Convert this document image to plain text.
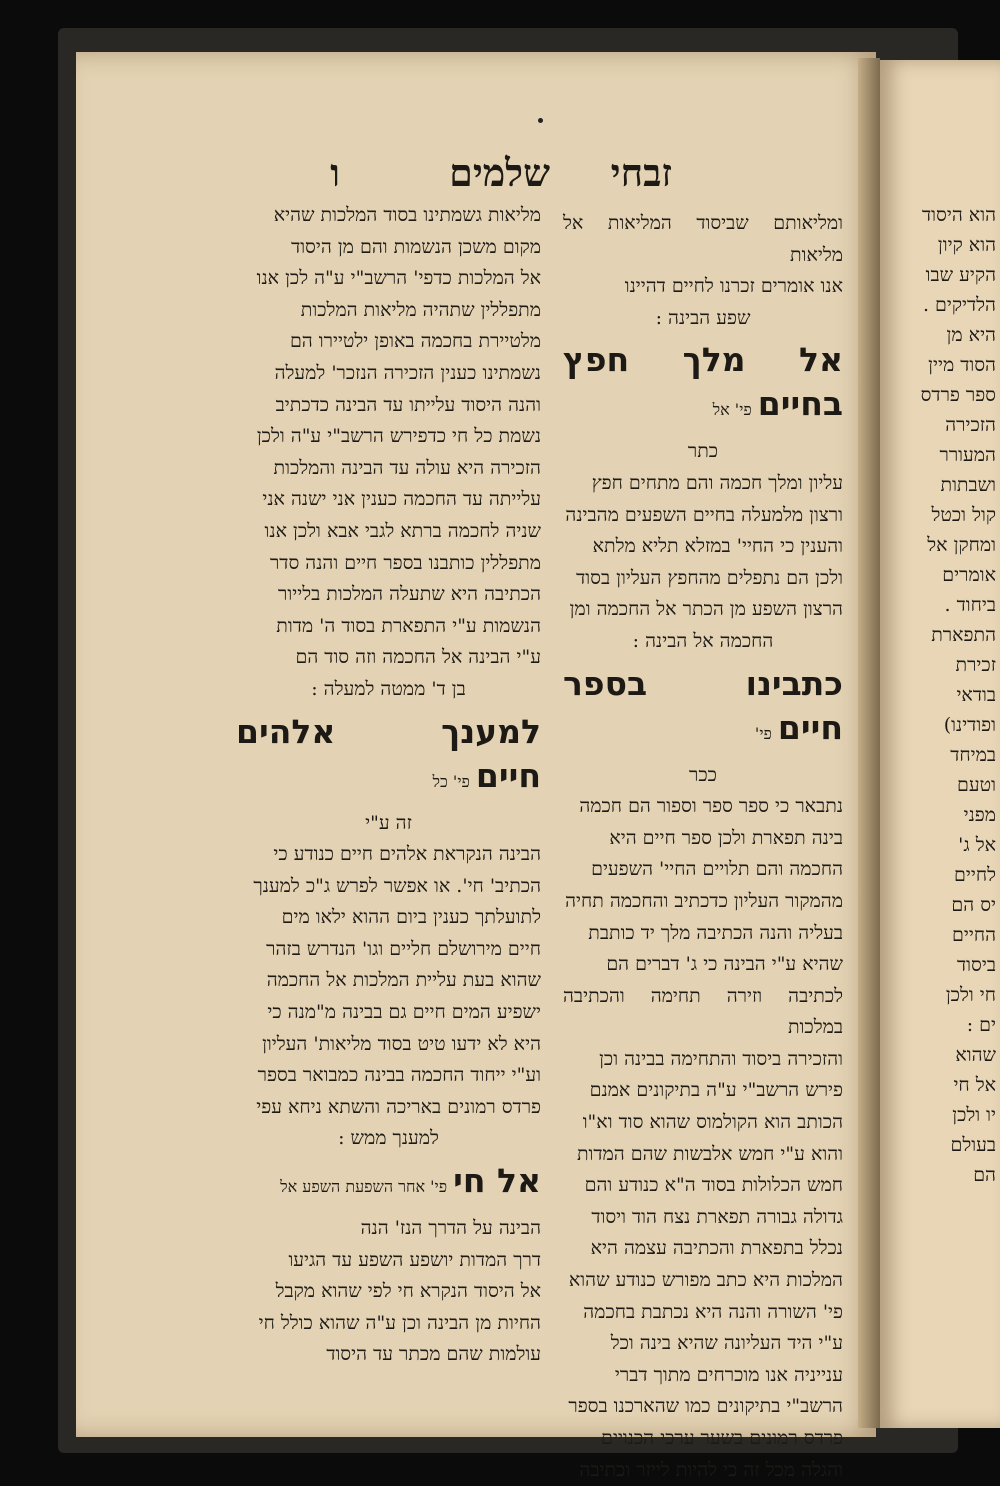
הוא היסוד

הוא קיון

הקיע שבו

הלדיקים .

היא מן

הסוד מיין

ספר פרדס

הזכירה

המעורר

ושבתות

קול וכטל

ומחקן אל

אומרים

ביחוד .

התפארת

זכירת

בודאי

ופודינו)

במיחד

וטעם

מפני

אל ג'

לחיים

יס הם

החיים

ביסוד

חי ולכן

ים :

שהוא

אל חי

יו ולכן

בעולם

הם

זבחי
שלמים
ו

ומליאותם שביסוד המליאות אל מליאות

אנו אומרים זכרנו לחיים דהיינו

שפע הבינה :

אל מלך חפץ בחייםפי' אל

כתר

עליון ומלך חכמה והם מתחים חפץ

ורצון מלמעלה בחיים השפעים מהבינה

והענין כי החיי' במזלא תליא מלתא

ולכן הם נתפלים מהחפץ העליון בסוד

הרצון השפע מן הכתר אל החכמה ומן

החכמה אל הבינה :

כתבינו בספר חייםפי'

ככר

נתבאר כי ספר ספר וספור הם חכמה

בינה תפארת ולכן ספר חיים היא

החכמה והם תלויים החיי' השפעים

מהמקור העליון כדכתיב והחכמה תחיה

בעליה והנה הכתיבה מלך יד כותבת

שהיא ע"י הבינה כי ג' דברים הם

לכתיבה וזירה תחימה והכתיבה במלכות

והזכירה ביסוד והתחימה בבינה וכן

פירש הרשב"י ע"ה בתיקונים אמנם

הכותב הוא הקולמוס שהוא סוד וא"ו

והוא ע"י חמש אלבשות שהם המדות

חמש הכלולות בסוד ה"א כנודע והם

גדולה גבורה תפארת נצח הוד ויסוד

נכלל בתפארת והכתיבה עצמה היא

המלכות היא כתב מפורש כנודע שהוא

פי' השורה והנה היא נכתבת בחכמה

ע"י היד העליונה שהיא בינה וכל

ענייניה אנו מוכרחים מתוך דברי

הרשב"י בתיקונים כמו שהארכנו בספר

פרדס רמונים בשער ערכי הכנויים

והגלה מכל זה כי להיות לייזר וכתיבה

מליאות גשמתינו בסוד המלכות שהיא

מקום משכן הנשמות והם מן היסוד

אל המלכות כדפי' הרשב"י ע"ה לכן אנו

מתפללין שתהיה מליאות המלכות

מלטיירת בחכמה באופן ילטיירו הם

נשמתינו כענין הזכירה הנזכר' למעלה

והנה היסוד עלייתו עד הבינה כדכתיב

נשמת כל חי כדפירש הרשב"י ע"ה ולכן

הזכירה היא עולה עד הבינה והמלכות

עלייתה עד החכמה כענין אני ישנה אני

שניה לחכמה ברתא לגבי אבא ולכן אנו

מתפללין כותבנו בספר חיים והנה סדר

הכתיבה היא שתעלה המלכות בלייור

הנשמות ע"י התפארת בסוד ה' מדות

ע"י הבינה אל החכמה וזה סוד הם

בן ד' ממטה למעלה :

למענך אלהים חייםפי' כל

זה ע"י

הבינה הנקראת אלהים חיים כנודע כי

הכתיב' חי'. או אפשר לפרש ג"כ למענך

לתועלתך כענין ביום ההוא ילאו מים

חיים מירושלם חליים וגו' הנדרש בזהר

שהוא בעת עליית המלכות אל החכמה

ישפיע המים חיים גם בבינה מ"מנה כי

היא לא ידעו טיט בסוד מליאות' העליון

וע"י ייחוד החכמה בבינה כמבואר בספר

פרדס רמונים באריכה והשתא ניחא עפי

למענך ממש :

אל חיפי' אחר השפעת השפע אל

הבינה על הדרך הנז' הנה

דרך המדות יושפע השפע עד הגיעו

אל היסוד הנקרא חי לפי שהוא מקבל

החיות מן הבינה וכן ע"ה שהוא כולל חי

עולמות שהם מכתר עד היסוד
